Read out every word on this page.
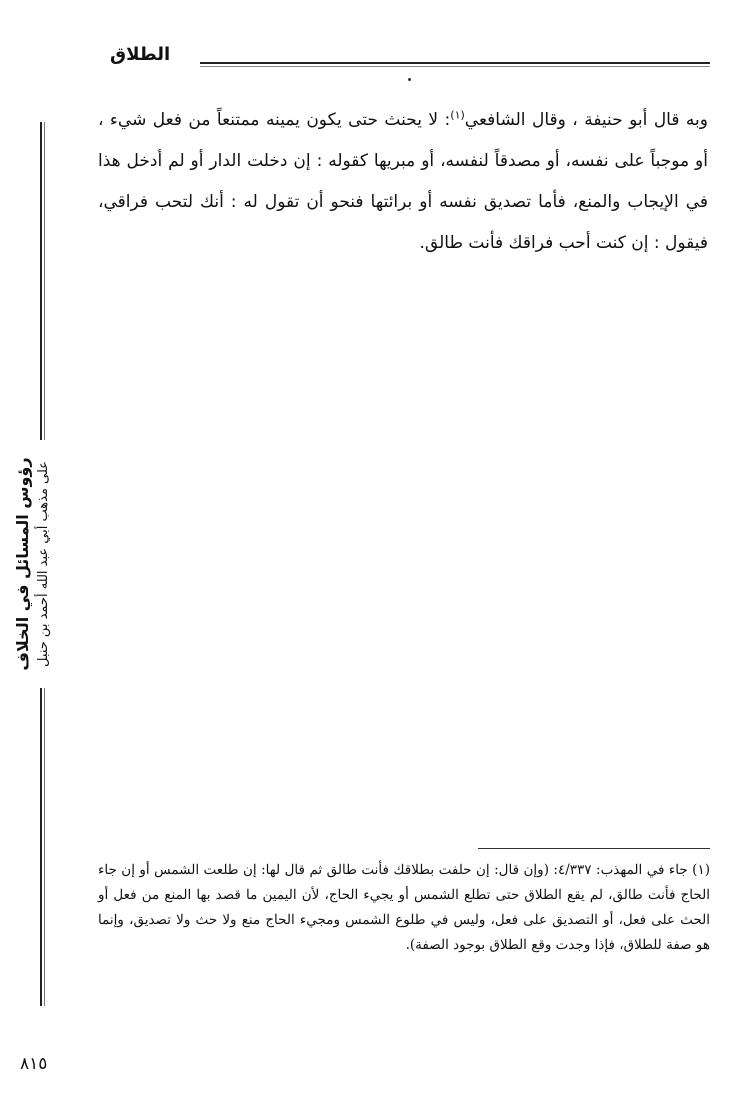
الطلاق

وبه قال أبو حنيفة ، وقال الشافعي$^{(١)}$: لا يحنث حتى يكون يمينه ممتنعاً من فعل شيء ، أو موجباً على نفسه، أو مصدقاً لنفسه، أو مبريها كقوله : إن دخلت الدار أو لم أدخل هذا في الإيجاب والمنع، فأما تصديق نفسه أو برائتها فنحو أن تقول له : أنك لتحب فراقي، فيقول : إن كنت أحب فراقك فأنت طالق.

رؤوس المسائل في الخلاف على مذهب أبي عبد الله أحمد بن حنبل

(١) جاء في المهذب: ٤/٣٣٧: (وإن قال: إن حلفت بطلاقك فأنت طالق ثم قال لها: إن طلعت الشمس أو إن جاء الحاج فأنت طالق، لم يقع الطلاق حتى تطلع الشمس أو يجيء الحاج، لأن اليمين ما قصد بها المنع من فعل أو الحث على فعل، أو التصديق على فعل، وليس في طلوع الشمس ومجيء الحاج منع ولا حث ولا تصديق، وإنما هو صفة للطلاق، فإذا وجدت وقع الطلاق بوجود الصفة).

٨١٥
